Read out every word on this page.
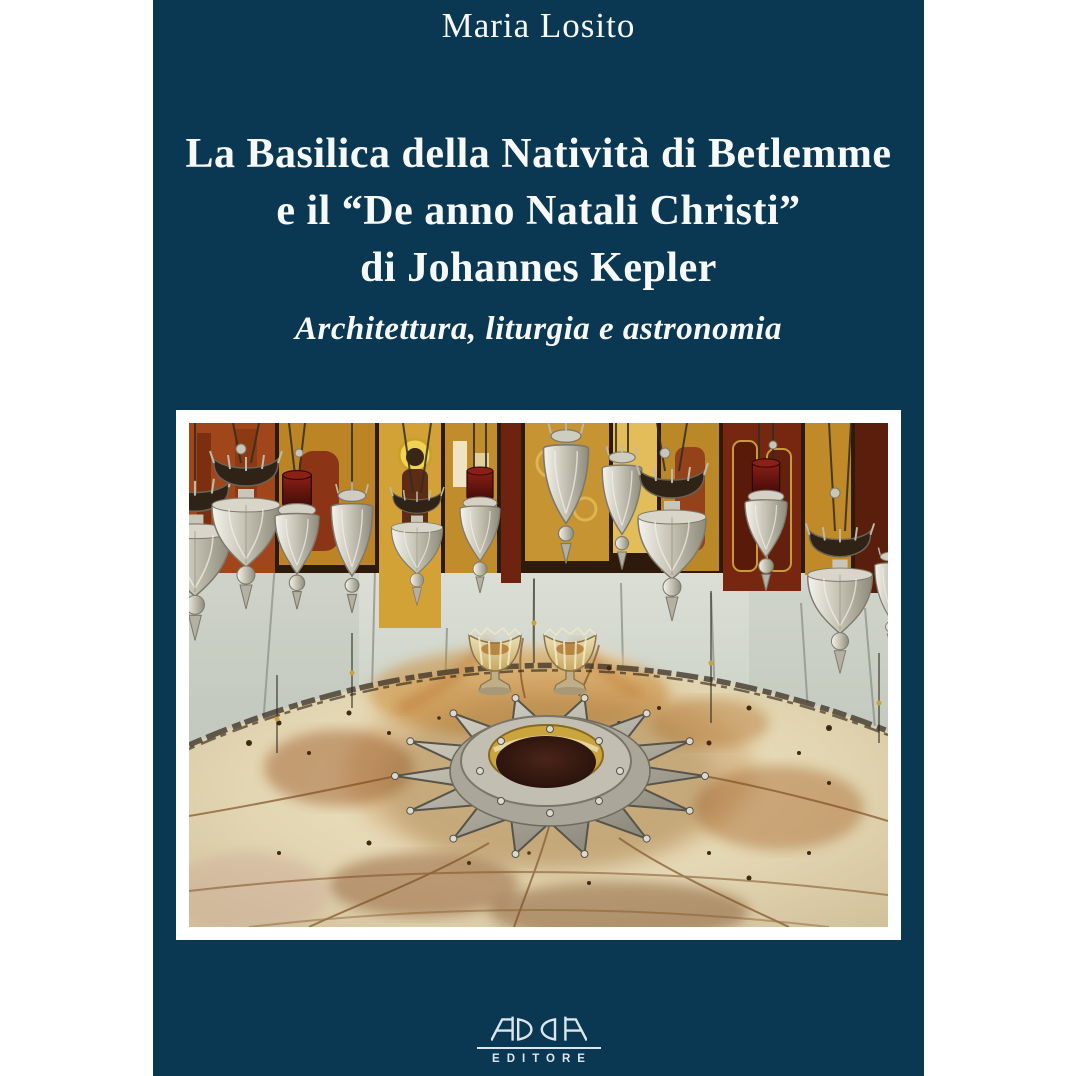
Maria Losito
La Basilica della Natività di Betlemme
e il “De anno Natali Christi”
di Johannes Kepler
Architettura, liturgia e astronomia
EDITORE
